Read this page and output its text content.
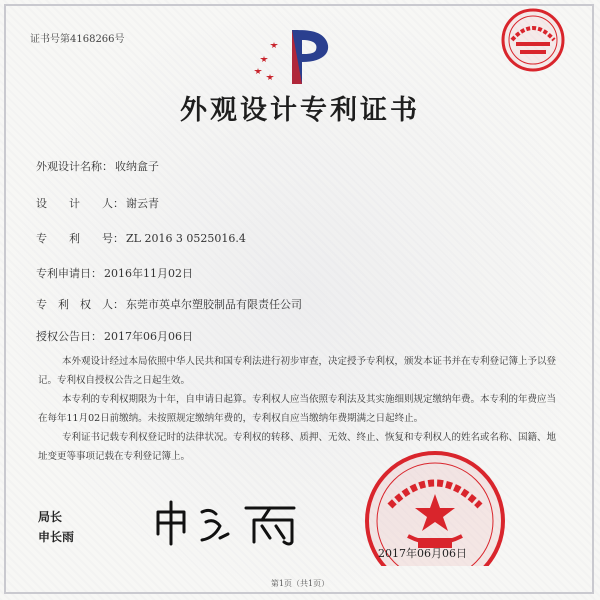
证书号第4168266号
外观设计专利证书
外观设计名称： 收纳盒子
设　　计　　人： 谢云青
专　　利　　号： ZL 2016 3 0525016.4
专利申请日： 2016年11月02日
专　利　权　人： 东莞市英卓尔塑胶制品有限责任公司
授权公告日： 2017年06月06日

本外观设计经过本局依照中华人民共和国专利法进行初步审查，决定授予专利权，颁发本证书并在专利登记簿上予以登记。专利权自授权公告之日起生效。

本专利的专利权期限为十年，自申请日起算。专利权人应当依照专利法及其实施细则规定缴纳年费。本专利的年费应当在每年11月02日前缴纳。未按照规定缴纳年费的，专利权自应当缴纳年费期满之日起终止。

专利证书记载专利权登记时的法律状况。专利权的转移、质押、无效、终止、恢复和专利权人的姓名或名称、国籍、地址变更等事项记载在专利登记簿上。

局长
申长雨
2017年06月06日
第1页（共1页）
